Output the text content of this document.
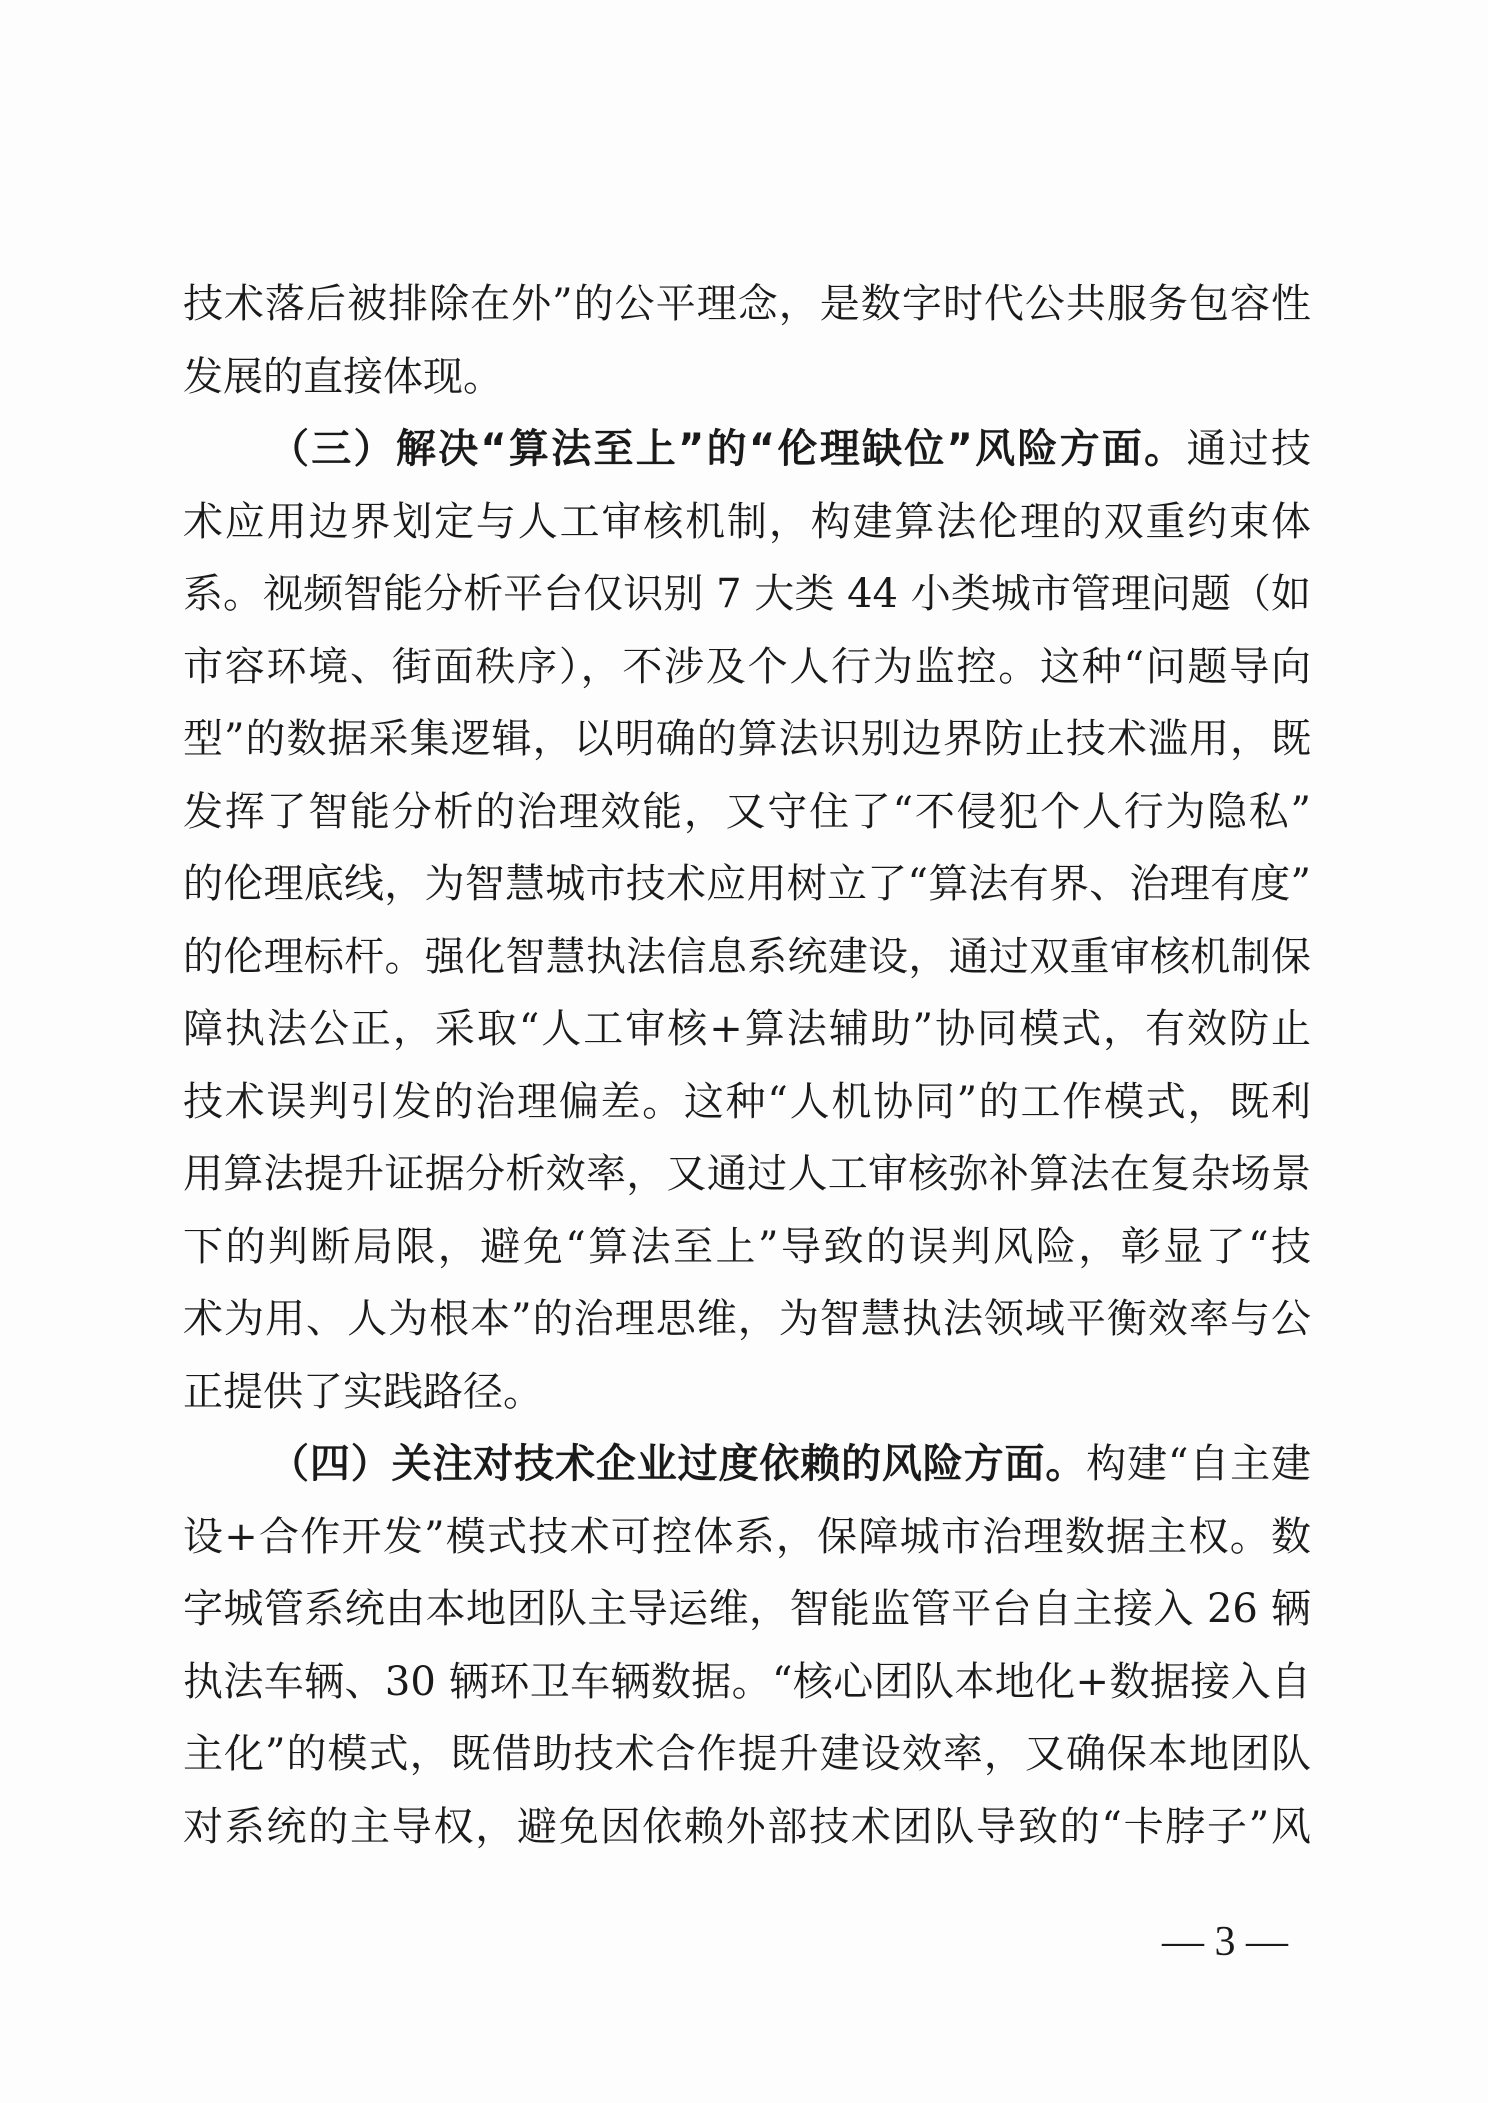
技术落后被排除在外”的公平理念，是数字时代公共服务包容性
发展的直接体现。
（三）解决“算法至上”的“伦理缺位”风险方面。通过技
术应用边界划定与人工审核机制，构建算法伦理的双重约束体
系。视频智能分析平台仅识别 7 大类 44 小类城市管理问题（如
市容环境、街面秩序），不涉及个人行为监控。这种“问题导向
型”的数据采集逻辑，以明确的算法识别边界防止技术滥用，既
发挥了智能分析的治理效能，又守住了“不侵犯个人行为隐私”
的伦理底线，为智慧城市技术应用树立了“算法有界、治理有度”
的伦理标杆。强化智慧执法信息系统建设，通过双重审核机制保
障执法公正，采取“人工审核+算法辅助”协同模式，有效防止
技术误判引发的治理偏差。这种“人机协同”的工作模式，既利
用算法提升证据分析效率，又通过人工审核弥补算法在复杂场景
下的判断局限，避免“算法至上”导致的误判风险，彰显了“技
术为用、人为根本”的治理思维，为智慧执法领域平衡效率与公
正提供了实践路径。
（四）关注对技术企业过度依赖的风险方面。构建“自主建
设+合作开发”模式技术可控体系，保障城市治理数据主权。数
字城管系统由本地团队主导运维，智能监管平台自主接入 26 辆
执法车辆、30 辆环卫车辆数据。“核心团队本地化+数据接入自
主化”的模式，既借助技术合作提升建设效率，又确保本地团队
对系统的主导权，避免因依赖外部技术团队导致的“卡脖子”风
— 3 —
